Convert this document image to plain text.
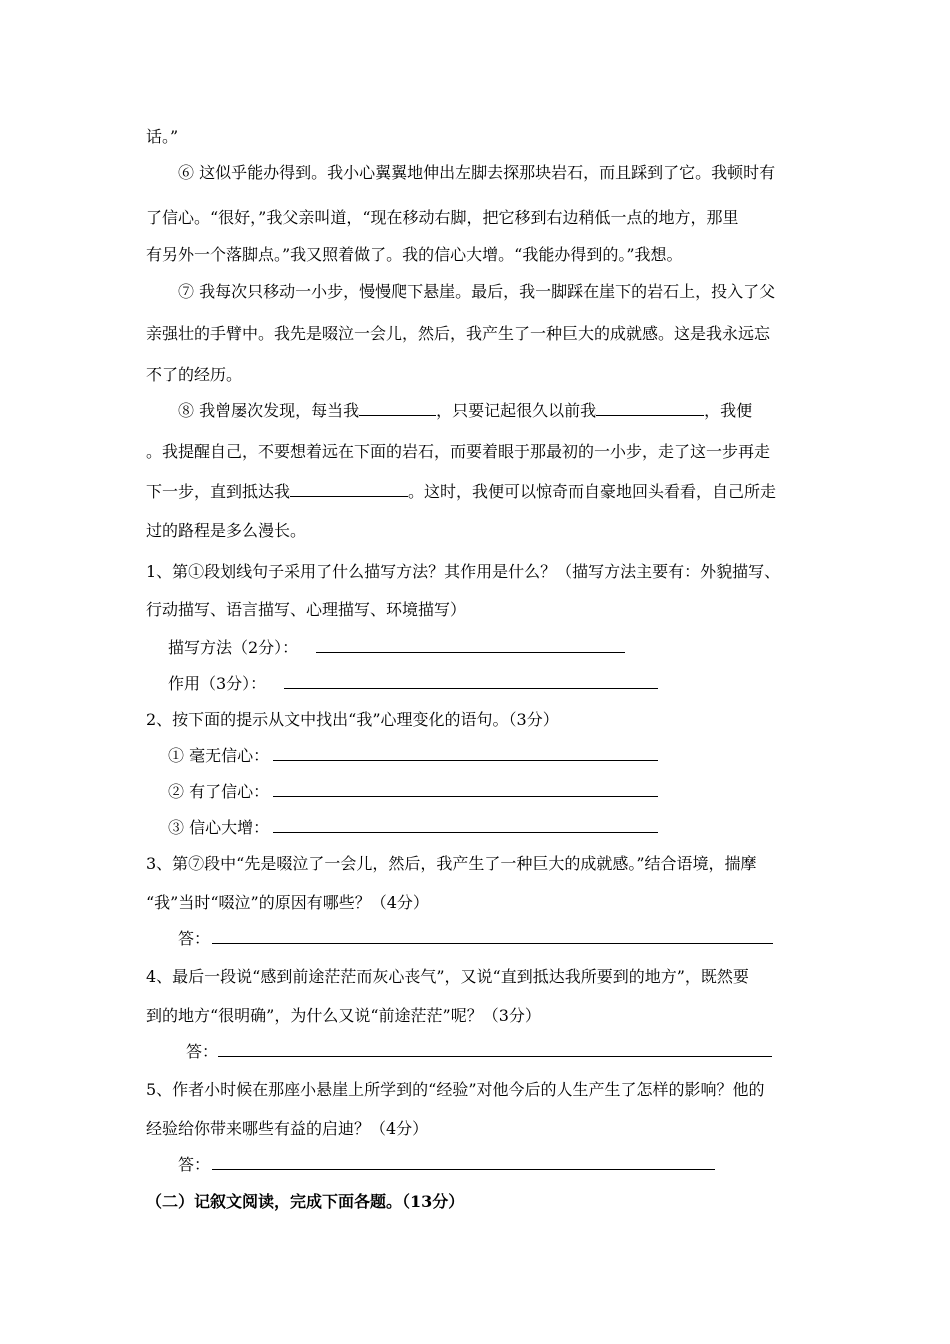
话。”
⑥ 这似乎能办得到。我小心翼翼地伸出左脚去探那块岩石，而且踩到了它。我顿时有
了信心。“很好，”我父亲叫道，“现在移动右脚，把它移到右边稍低一点的地方，那里
有另外一个落脚点。”我又照着做了。我的信心大增。“我能办得到的。”我想。
⑦ 我每次只移动一小步，慢慢爬下悬崖。最后，我一脚踩在崖下的岩石上，投入了父
亲强壮的手臂中。我先是啜泣一会儿，然后，我产生了一种巨大的成就感。这是我永远忘
不了的经历。
⑧ 我曾屡次发现，每当我	，只要记起很久以前我	，我便
。我提醒自己，不要想着远在下面的岩石，而要着眼于那最初的一小步，走了这一步再走
下一步，直到抵达我	。这时，我便可以惊奇而自豪地回头看看，自己所走
过的路程是多么漫长。
1、第①段划线句子采用了什么描写方法？其作用是什么？（描写方法主要有：外貌描写、
行动描写、语言描写、心理描写、环境描写）
描写方法（2分）：
作用（3分）：
2、按下面的提示从文中找出“我”心理变化的语句。（3分）
① 毫无信心：
② 有了信心：
③ 信心大增：
3、第⑦段中“先是啜泣了一会儿，然后，我产生了一种巨大的成就感。”结合语境，揣摩
“我”当时“啜泣”的原因有哪些？（4分）
答：
4、最后一段说“感到前途茫茫而灰心丧气”，又说“直到抵达我所要到的地方”，既然要
到的地方“很明确”，为什么又说“前途茫茫”呢？（3分）
答：
5、作者小时候在那座小悬崖上所学到的“经验”对他今后的人生产生了怎样的影响？他的
经验给你带来哪些有益的启迪？（4分）
答：
（二）记叙文阅读，完成下面各题。（13分）
